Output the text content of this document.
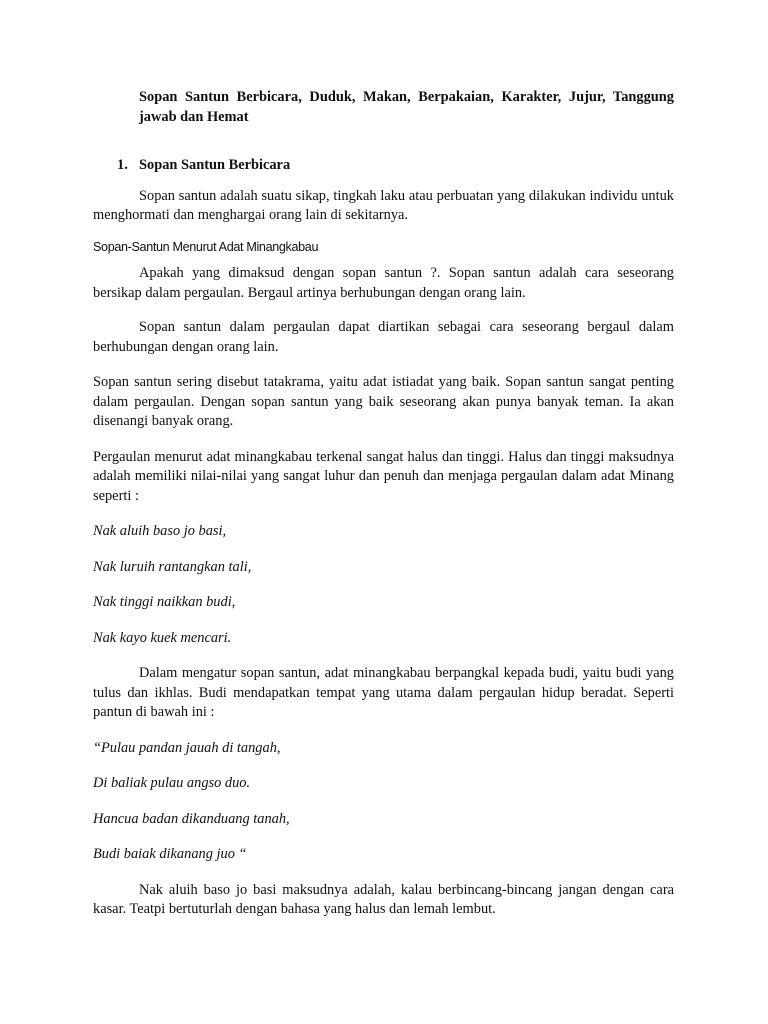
Sopan Santun Berbicara, Duduk, Makan, Berpakaian, Karakter, Jujur, Tanggung jawab dan Hemat

1. Sopan Santun Berbicara

Sopan santun adalah suatu sikap, tingkah laku atau perbuatan yang dilakukan individu untuk menghormati dan menghargai orang lain di sekitarnya.

Sopan-Santun Menurut Adat Minangkabau

Apakah yang dimaksud dengan sopan santun ?. Sopan santun adalah cara seseorang bersikap dalam pergaulan. Bergaul artinya berhubungan dengan orang lain.

Sopan santun dalam pergaulan dapat diartikan sebagai cara seseorang bergaul dalam berhubungan dengan orang lain.

Sopan santun sering disebut tatakrama, yaitu adat istiadat yang baik. Sopan santun sangat penting dalam pergaulan. Dengan sopan santun yang baik seseorang akan punya banyak teman. Ia akan disenangi banyak orang.

Pergaulan menurut adat minangkabau terkenal sangat halus dan tinggi. Halus dan tinggi maksudnya adalah memiliki nilai-nilai yang sangat luhur dan penuh dan menjaga pergaulan dalam adat Minang seperti :

Nak aluih baso jo basi,

Nak luruih rantangkan tali,

Nak tinggi naikkan budi,

Nak kayo kuek mencari.

Dalam mengatur sopan santun, adat minangkabau berpangkal kepada budi, yaitu budi yang tulus dan ikhlas. Budi mendapatkan tempat yang utama dalam pergaulan hidup beradat. Seperti pantun di bawah ini :

“Pulau pandan jauah di tangah,

Di baliak pulau angso duo.

Hancua badan dikanduang tanah,

Budi baiak dikanang juo “

Nak aluih baso jo basi maksudnya adalah, kalau berbincang-bincang jangan dengan cara kasar. Teatpi bertuturlah dengan bahasa yang halus dan lemah lembut.
